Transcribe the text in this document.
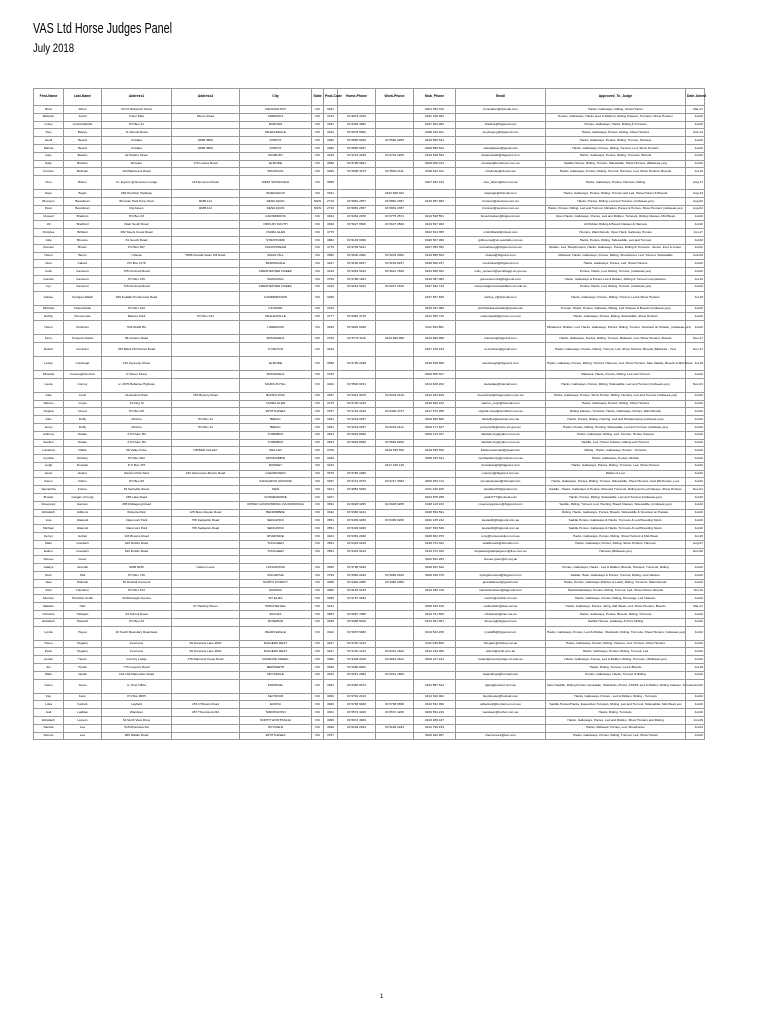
VAS Ltd Horse Judges Panel
July 2018
First-Name	Last-Name	Address1	Address2	City	State	Post-Code	Home-Phone	Work-Phone	Mob_Phone	Email	Approved_To_Judge	Date Joined
Brett	Albon	33 DT Ellsworth Street		KENSINGTON	VIC	3031			0401 354 702	bonnalbon@hotmail.com	Hacks, Galloways, Riding, Show Hunter	Mar-17
Malcolm	Arnell	Tudor Park	Moore Road	VERMONT	VIC	3133	03 9873 2016		0422 108 991		Ponies, Galloways, Hacks (Led & Ridden), Riding Classes, Turnouts, Show Hunters	Jul-02
Linley	Arnold-Wardle	PO Box 21		BARHAM	VIC	3391	03 5393 4282		0427 904 282	sharlin1@bigpond.com	Ponies, Galloways, Hacks, Riding & Turnouts	Jul-02
Tony	Bayley	11 Woods Road		PEARCEDALE	VIC	3912	03 5978 5062		0409 234 911	tonybayley@bigpond.com	Hacks, Galloways, Ponies, Riding, Show Hunters	Feb-12
Geoff	Beard	Coldata	RMB 4600	KOROIT	VIC	3280	03 5560 6260	03 5560 6250	0418 556 531		Hacks, Galloways, Ponies, Riding, Turnout, Harness	Jul-02
Marcia	Beard	Coldata	RMB 4600	KOROIT	VIC	3280	03 5560 6267		0409 899 542	marciajbeard@gmail.com	Hacks, Galloways, Ponies, Riding, Turnout, Led, Show Hunters	Jul-02
Gary	Beaton	62 Station Street		SUNBURY	VIC	3429	03 9744 3236	03 9744 3236	0419 548 554	bbeatonwalk@bigpond.com	Hacks, Galloways, Ponies, Riding, Turnouts, Breeds	Jul-02
Sally	Belcher	Elmslee	176 Leslies Road	ELMORE	VIC	3558	03 5798 9661		0409 009 014	elmslee@bordernet.com.au	Saddle Horses, Riding, Turnout, Sidesaddle, Show Hunters, (Midweek-yes)	Jul-02
Corinne	Bellman	104 Balemans Road		BOORCAN	VIC	3265	03 5595 4373	03 5592 2111	0418 521 011	c.bellman@icloud.com	Hacks, Galloways, Ponies, Riding, Turnout, Harness, Led, Show Hunters, Breeds	Jul-15
Cine	Bilson	C/- Equine @ Emerson Lodge	216 Emerson Road	WEST WOODVALE	VIC	3555			0407 934 194	cine_bilson@live.com.au	Hacks, Galloways, Ponies, Harness, Riding	Aug-17
Kaye	Bogle	269 Hamilton Highway		INVERLEIGH	VIC	3321		0422 608 462		kaybogle@hotmail.com	Hacks, Galloways, Ponies, Riding, Turnout and Led, Show Hunter & Breeds	Aug-13
Bronwyn	Boardman	Brosnan Park Pony Stud	RMB 114	DENILIQUIN	NSW	2710	03 5881 2357	03 5881 2357	0419 997 993	brosnan@westnet.com.au	Hacks, Ponies, Riding, Led and Turnout, (midweek-yes)	Aug-02
Peter	Boardman	Ryehaven	RMB 114	DENILIQUIN	NSW	2710	03 5881 2357	03 5881 2357		brosnan@westnet.com.au	Hacks, Ponies, Riding, Led and Turnout, Miniature Ponies & Horses, Show Hunters (midweek-yes)	Aug-02
Russell	Bradtom	PO Box 33		CARISBROOK	VIC	3464	03 5464 2078	03 5775 2571	0419 528 551	fiona.bracken@bigpond.com	Open Hacks, Galloways, Ponies, Led and Ridden, Turnouts, Riding Classes, Mid Week	Jul-02
Jill	Bradford	Main South Road		DROUIN SOUTH	VIC	3818	03 5627 9506	03 5627 9506	0419 597 993		All Ridden Riding & Breed Classes & Harness	Jul-02
Kristylee	Brilliant	382 Steels Creek Road		YARRA GLEN	VIC	3775			0402 524 355	mrsbrilliant2@icloud.com	Hunters, Warmbloods, Open Hack, Galloway, Ponies	Jun-17
Julie	Broome	81 Gooch Road		STRATFORD	VIC	3862	03 5145 6096		0428 507 096	gdbroome@vic.australis.com.au	Hacks, Ponies, Riding, Sidesaddle, Led and Turnout	Jul-02
Carmen	Brown	PO Box 397		COLDSTREAM	VIC	3770	03 9735 5441		0407 353 352	trecnahsoog@bigpond.com.au	Ridden, Led, Showhunters, Hacks, Galloways, Ponies, Riding & Turnouts - Senior, Inter & Junior.	Jul-02
Helen	Burns	Uhaota	5586 Donald-Swan Hill Road	SWAN HILL	VIC	3585	03 5030 2082	03 5033 9300	0419 865 503	uhaota@bigpond.com	Midweek, Hacks, Galloways, Ponies, Riding, Showhunter, Led, Turnout, Sidesaddle	Feb-09
Noel	Calvert	PO Box 1178		BAIRNSDALE	VIC	3227	03 5150 8237	03 5153 8237	0438 508 237	noelcalvert@bigpond.com	Hacks, Galloways, Ponies, Led, Show Hunters	Jul-02
Colin	Cameron	725 Peninsul Road		FRESHWATER CREEK	VIC	3216	03 5264 5222	03 9641 1546	0434 566 022	colin_cameron@wonthaggi.vic.gov.au	Ponies, Hacks, Led, Riding, Turnout, (midweek-yes)	Jul-02
Gorette	Cameron	PO Box 215		WANGONG	VIC	3756	03 5788 1281		0418 387 083	gorcameron14@bigpond.com	Hacks, Galloways & Ponies Led & Ridden, Riding & Turnout Competitions.	Jul-16
Lyn	Cameron	725 Peninsul Road		FRESHWATER CREEK	VIC	3216	03 5264 5222	03 5247 2910	0427 842 744	cameronl@moreosaddltam.vic.edu.au	Ponies, Hacks, Led, Riding, Turnout, (midweek-yes)	Jul-02
Ashlee	Carrigan-Walsh	486 Koallah-Pomborneit Road		CAMPERDOWN	VIC	3260			0437 567 635	ashlee_c@hotmail.com	Hacks, Galloways, Ponies, Riding, Turnout, Led & Show Hunters	Jul-18
Michelle	Chamberlain	PO Box 343		KILMORE	VIC	3764			0418 331 059	pinchfieldsaustralian@gmail.com	Turnout, Hacks, Ponies, Galloway, Riding, Led Classes & Breeds (midweek-yes)	Jul-02
Debby	Cheeseman	Masoru Park	PO Box 233	HEALESVILLE	VIC	3777	03 5962 3715		0412 665 710	masoruparkl@primus.com.au	Hacks, Galloways, Ponies, Riding, Sidesaddle, Show Hunters	Jul-02
Helen	Chisholm	533 Wwlill Rd		LINDENOW	VIC	3629	03 5826 0348		0411 993 881		Miniatures, Ridden, Led, Hacks, Galloways, Ponies, Riding, Turnout, Smartest on Parade, (midweek-yes)	Jul-02
Kerry	Tempest-Clarke	68 Gowers Road		MANSFIELD	VIC	3722	03 5779 1115	0419 090 988	0419 090 988	tcampus@bigpond.com	Hacks, Galloways, Ponies, Riding, Turnout, Midweek, Led, Show Hunters, Breeds	Nov-17
Robert	Cockram	233 Black Hill School Road		KYNETON	VIC	3444			0427 978 194	ra.cockram@gmail.com	Hacks, Galloways, Ponies, Riding, Turnout, Led, Show Hunters, Breeds (Midweek - Yes)	Nov-17
Lesley	Colclough	130 Kennedy Street		ELMORE	VIC	3558	03 5795 2238		0418 528 866	woolclough@bigpond.com	Hacks, Galloway, Ponies, Riding, Turnout, Harness, Led, Show Hunters, Side Saddle, Breeds & Mid-Week	Jul-18
Miranda	Connaughton-Kerr	9 Hunter Street		MANSFIELD	VIC	3722			0409 508 927		Midweek, Hacks, Ponies, Riding, Led and Turnout	Jul-04
Laura	Conroy	c/- 2876 Bellarine Highway		MARCUS HILL	VIC	3222	03 5500 0151		0414 848 202	lauradale@hotmail.com	Hacks, Galloways, Ponies, Riding, Sidesaddle, Led and Turnout (midweek-yes)	Nov-01
Julie	Conti	Dreamtime Park	253 Bowery Road	BUNINYONG	VIC	3357	03 5341 9976	03 5244 9119	0412 944 819	dreamtime@thegpurotion.com.au	Hacks, Galloways, Ponies, Show Hunter, Riding, Hunting, Led and Turnout (midweek-yes)	Jul-02
Warren	Coyle	13 King St		YARRA GLEN	VIC	3775	03 5730 1216		0418 820 242	warren_coyle@hotmail.com	Hacks, Galloways, Ponies, Riding, Show Hunters	Jul-02
Virginia	Creed	PO Box 66		WHITTLESEA	VIC	3757	03 9716 2193	03 9490 3737	0417 573 289	virginia.creed@wonthan.com.au	Riding Classes, Turnouts, Hacks, Galloways, Ponies, Warmbloods	Jul-02
John	Duffy	Athlone	PO Box 11	BEEAC	VIC	3251	03 5234 6337		0409 935 860	theduffys@westnet.com.au	Hacks, Ponies, Riding, Hunting, Led and Showjumping (midweek-yes)	Jul-02
Jenny	Duffy	Athlone	PO Box 11	BEEAC	VIC	3251	03 5234 6337	03 5232 9112	0409 171 547	jenny.duffy@sumu.vic.gov.au	Hacks, Ponies, Riding, Hunting, Sidesaddle, Led and Turnout (midweek-yes)	Jul-02
Anthony	Dwate	3 Trinham Rd		TOMMBUX	VIC	3813	03 5629 8940		0409 144 027	llanfairlynry@yahoo.com.au	Hacks, Galloways, Riding, Led, Turnout, Hunter Classes	Jul-02
Suellen	Dwate	3 Trinham Rd		TOMMBUX	VIC	3813	03 5629 8940	03 5629 8940		llanfairlynry@yahoo.com.au	Saddle, Led, Hunter Classes, Riding and Turnout.	Jul-02
Lucianna	D'Elia	68 Valley Drive	HIDDEN VALLEY	WALLAN	VIC	3756		0418 545 590	0418 545 590	lidelia.lucianna2@gmail.com	Riding - Hacks, Galloways, Ponies - Turnouts	Jul-02
Cynthia	Doherty	PO Box 962		MOORABBIN	VIC	3220			0408 426 641	cynthiadoherty@marinat.com.au	Hacks, Galloways, Ponies, Ridden	Jul-02
Leigh	Dunstan	P O Box 476		ROMSEY	VIC	3434		0417 345 149		dunstanleigh@bigpond.com	Hacks, Galloways, Ponies, Riding, Turnouts, Led, Show Hunters	Jul-02
Janet	Evans	Weston Park Stud	234 Glenrowan-Moyhu Road	GLENROWAN	VIC	3675	03 5766 2280			evanscg@bigpond.com.au	Ridden & Led.	Jul-02
Karen	Fisher	PO Box 83		KANGAROO GROUND	VIC	3097	03 9712 0370	03 9717 3363	0409 253 712	provalesleponl@hotmail.com	Hacks, Galloways, Ponies, Riding, Turnout, Sidesaddle, Show Hunters, Aust Rid Ponies, Led.	Jul-02
Samantha	Frame	93 Sackville Street		KEW	VIC	3101	03 9852 5460		0411 249 105	sarahlard72@gmail.com	Saddle - Hacks, Galloways & Ponies, Mounted Turnouts, Riding and Led Classes, Show Hunters	Nov-01
Brooke	Gargan (Young)	265 Lake Road		CONNEWARRE	VIC	3227			0404 875 268	yella7777@hotmail.com	Hacks, Ponies, Riding, Sidesaddle, Led and Turnout (midweek-yes)	Jul-02
Rosemary	Gannon	285 Mullagong Road		UPPER GUNDOWRING VIA WODONGA	VIC	3691	02 6028 9265	02 6028 9265	0418 118 223	rosemarygannon@bigpond.com	Saddle, Riding, Turnout, Led, Hunting, Breed Classes, Sidesaddle, (midweek-yes)	Jul-02
Elizabeth	Gibbons	Wisteria Park	125 Berembooke Road	BENDIMBRE	VIC	3342	03 5360 9244		0428 599 591		Riding, Hacks, Galloways, Ponies, Breeds, Sidesaddle & Smartest on Parade.	Jul-02
Lisa	Glascott	Claremont Park	705 Sedgwick Road	SEDGWICK	VIC	3551	03 5439 6260	03 5439 6260	0402 135 212	kowas40@bigpond.com.au	Saddle Ponies, Galloways & Hacks, Turnouts & Led Breeding Stock.	Jul-02
Michael	Glascott	Claremont Park	705 Sedgwick Road	SEDGWICK	VIC	3551	03 5439 6260		0427 539 546	kowas40@bigpond.com.au	Saddle Ponies, Galloways & Hacks, Turnouts & Led Breeding Stock.	Jul-02
Kerryn	Gobler	133 Browns Road		RIVERSIDE	VIC	3401	03 5381 2948		0408 802 976	tony@horsesolution.com.au	Hacks, Galloways, Ponies, Riding, Show Hunters & Mid-Week	Jul-18
Mark	Goodwin	622 Dobbs Road		TOOLLEEN	VIC	3551	03 5433 6216		0439 372 042	saddlemark@hotmail.com	Hacks, Galloways, Ponies, Riding, Show Hunters, Harness	Aug-07
Esther	Goodwin	622 Dobbs Road		TOOLLEEN	VIC	3551	03 5433 6216		0419 372 042	thepalisingstarlipegsoon@live.com.au	Harness (Midweek-yes)	Nov-06
Sheree	Greer								0402 534 283	sheree.greer@ttc.org.au		
Gladys	Grenfell	RMB 6035	Carters Lane	LONGWOOD	VIC	3665	03 5798 5490		0428 931 522		Ponies, Galloways, Hacks - Led & Ridden, Breeds, Harness, Turnouts, Riding	Jul-02
Ruth	Hall	PO Box 740		MILGROVE	VIC	3799	03 5966 2420	03 5966 2420	0408 438 376	springtimerstud@bigpond.com	Saddle, Hack, Galloways & Ponies, Turnout, Riding, Led Classes.	Jul-02
Jane	Halloran	39 Rochall Crescent		NORTH FITZROY	VIC	3068	03 9482 2056	03 9482 2056		janehallwood@gmail.com	Hacks, Ponies, Galloways (Ridden & Lead), Riding, Turnouts, Warmbloods.	Jul-02
Vicki	Hamilton	PO Box 513		MAFFRA	VIC	3860	03 5145 6135		0419 186 726	vandohamilton1@bigpond.com	Hacks/Galloways, Ponies, Riding, Turnout, Led, Show Hunter, Breeds	Oct-10
Merrilyn	Hamilton-Smith	42 Rubourgh Avenue		MT ELIZA	VIC	3930	03 9787 2494			merrhs@outlink.com.au	Hacks, Galloways, Ponies, Riding, Dressage, Led Classes.	Jul-02
Mallerie	Hart		67 Harding Street	WINCHELSEA	VIC	3241			0408 109 100	mallerahart@iinet.net.au	Hacks, Galloways, Ponies, riding, Mid Week, Led, Show Hunters, Breeds	Mar-17
Christine	Hartigan	63 School Road		BAYLES	VIC	3981	03 5997 7085		0419 761 506	chrisclean@iinet.net.au	Hacks, Galloways, Ponies, Breeds, Riding, Turnouts	Jul-02
Elizabeth	Haworth	PO Box 33		ROSEBUD	VIC	3939	03 5988 5010		0414 301 061	thesong@bigpond.com	Saddle Horses, Galloway & Pony Riding	Jul-02
Lynda	Hayes	40 South Boundary Road East		PEARCEDALE	VIC	3912	03 5978 5083		0419 543 236	lynda86@bigpond.com	Hacks, Galloways, Ponies, Led & Ridden, Shetlands, Riding, Turnouts, Show Hunters (midweek-yes)	Jul-02
Helen	Hegarty	Inverness	60 Duncans Lane RSD	DIGGERS REST	VIC	3427	03 9740 1213		0411 039 809	hhegarty@hotkey.net.au	Hacks, Galloways, Ponies, Riding, Classes, Led, Turnout, Show Hunters	Jul-02
Peter	Hegarty	Inverness	60 Duncans Lane RSD	DIGGERS REST	VIC	3427	03 9740 1213	03 9331 1622	0412 193 090	peterh@solfc.com.au	Hacks, Galloways, Ponies, Riding, Turnout, Led	Jul-02
Linden	Hearn	Country Lodge	376 Diamond Creek Road	DIAMOND CREEK	VIC	3089	03 9438 2016	03 9819 4611	0409 217 441	hearnl@countrylodge.vic.edu.au	Hacks, Galloways, Ponies, Led & Ridden, Riding, Turnouts, (Midweek-yes)	Jul-02
Jim	Hynds	776 Coopers Road		MERNDETH	VIC	3520	03 5286 8202				Hacks, Riding, Turnout, Led & Breeds	Jul-18
Mark	Jacobi	124-132 Marmadoc Road		DRYSDALE	VIC	3222	03 5251 2084	03 5241 1565		isaandlingo@hotmail.com	Ponies, Galloways, Hacks, Turnout & Riding	Jul-02
Gwen	Jones	c/- Post Office		POMONAL	VIC	3381	03 5356 6572		0422 887 644	pjacq@netsurf.com.au	Open Saddle, Riding Ponies, Australian, Shetlands, Pintos, ASSPS Led & Ridden, Riding Classes, Turnouts	Jul-02
Fay	Kenn	PO Box 8055		SEYMOUR	VIC	3660	03 5792 2103		0414 320 902	faynbrooke@hotmail.com	Hacks, Galloways, Ponies - Led & Ridden, Riding - Turnouts	Jul-02
Lotta	Kellock	Layfield	253 O'Shea's Road	EUROA	VIC	3666	03 5798 9028	03 5798 9658	0419 532 996	aillsellock@bordernet.com.au	Saddle Horses/Hacks, Equestrian Turnouts, Riding, Led and Turnout, Sidesaddle. Mid-Week yes	Jul-02
Gail	Laidlaw	Wandeen	267 Thompsons Rd	TARRINGTON	VIC	3301	03 5572 4226	03 5572 4226	0409 554 216	wandeen@herlvic.com.au	Hacks, Riding, Turnouts.	Jul-02
Elizabeth	Lamers	34 North View Drive		NORTH WONTHAGGI	VIC	3995	03 5672 3909		0419 289 447		Hacks, Galloways, Ponies, Led and Ridden, Show Hunters and Riding	Jun-09
Sandra	Lee	515 Riverview Rd		HOYFIELD	VIC	3849	03 5148 2184	03 5148 2184	0412 799 153		Hacks, Midweek, Ponies, Led, Showhunter	Jul-04
Sherrie	Lee	485 Wallan Road		WHITTLESEA	VIC	3757			0409 182 997	sherrie.lee1@live.com	Hacks, Galloways, Ponies, Riding, Turnout, Led, Show Hunter	Jul-02
1
